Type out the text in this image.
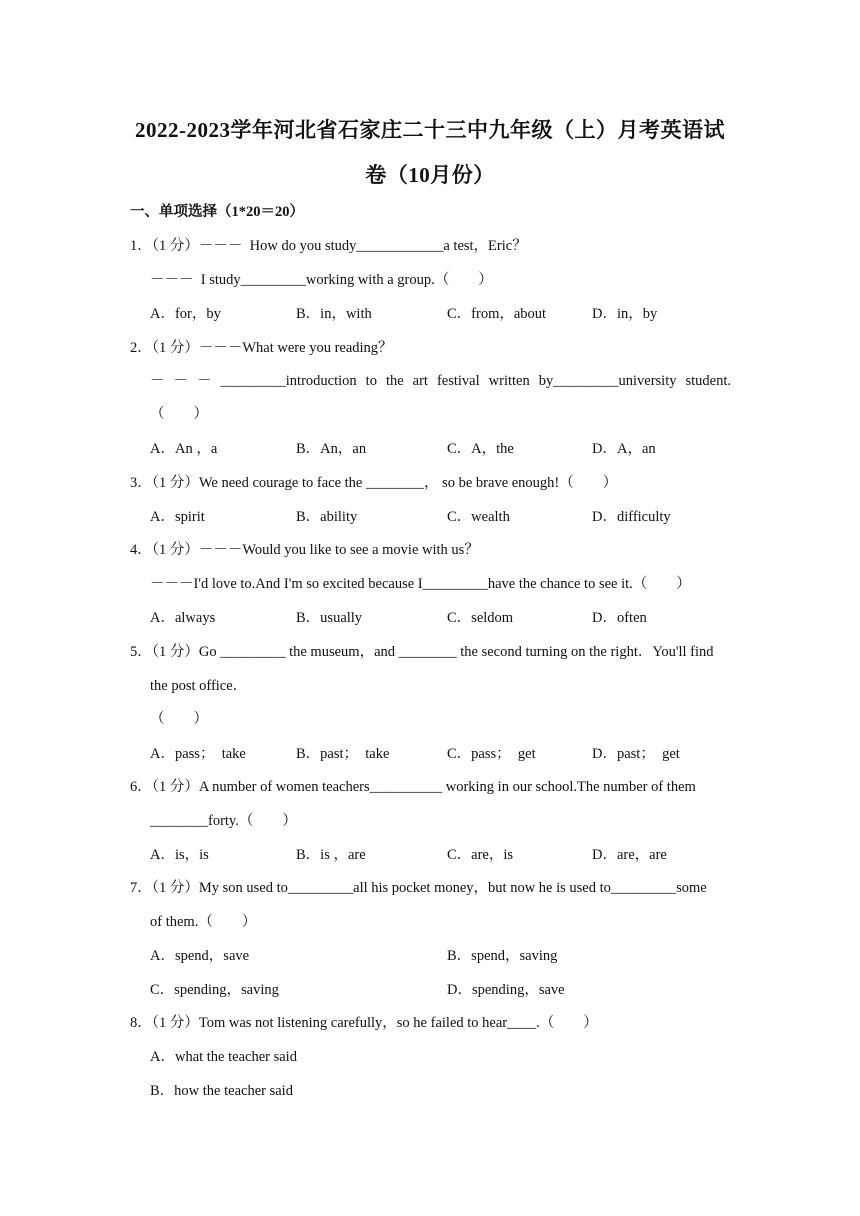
2022-2023学年河北省石家庄二十三中九年级（上）月考英语试
卷（10月份）
一、单项选择（1*20＝20）
1．（1 分）－－－  How do you study____________a test，Eric？
－－－  I study_________working with a group.（　　）
A．for，by	B．in，with	C．from，about	D．in，by
2．（1 分）－－－What were you reading？
－ － － _________introduction to the art festival written by_________university student.
（　　）
A．An ，a	B．An，an	C．A，the	D．A，an
3．（1 分）We need courage to face the ________， so be brave enough!（　　）
A．spirit	B．ability	C．wealth	D．difficulty
4．（1 分）－－－Would you like to see a movie with us？
－－－I'd love to.And I'm so excited because I_________have the chance to see it.（　　）
A．always	B．usually	C．seldom	D．often
5．（1 分）Go _________ the museum，and ________ the second turning on the right．You'll find
the post office．
（　　）
A．pass；  take	B．past；  take	C．pass；  get	D．past；  get
6．（1 分）A number of women teachers__________ working in our school.The number of them
________forty.（　　）
A．is，is	B．is ，are	C．are，is	D．are，are
7．（1 分）My son used to_________all his pocket money，but now he is used to_________some
of them.（　　）
A．spend，save	B．spend，saving
C．spending，saving	D．spending，save
8．（1 分）Tom was not listening carefully，so he failed to hear____.（　　）
A．what the teacher said
B．how the teacher said
